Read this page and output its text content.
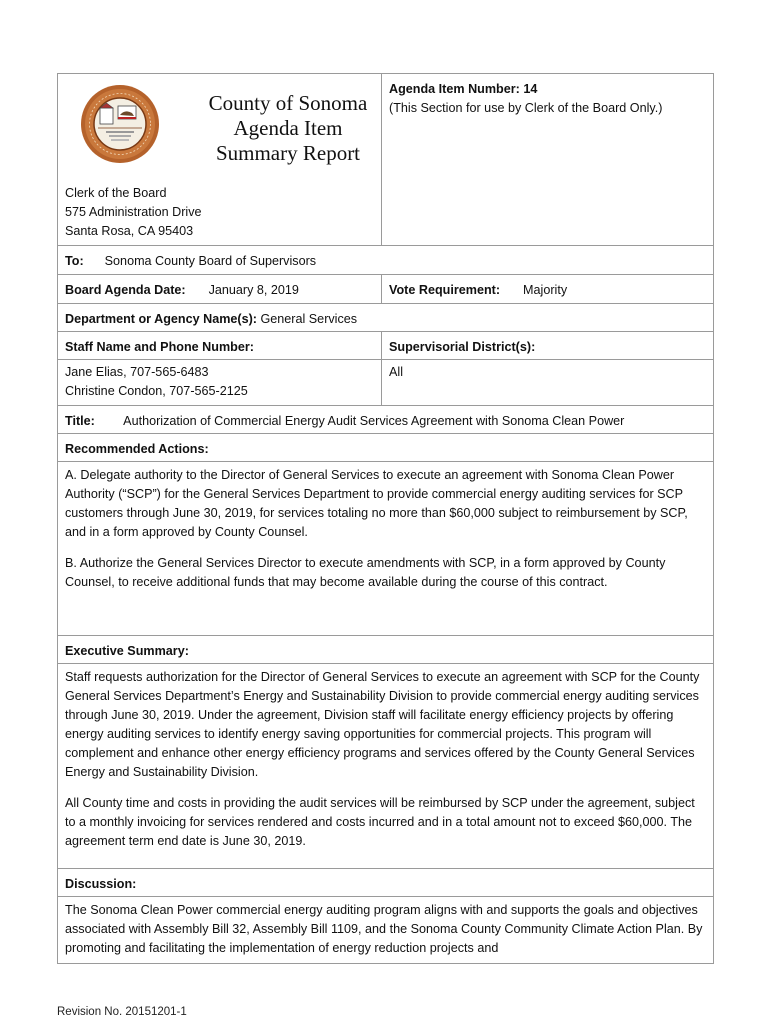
County of Sonoma
Agenda Item
Summary Report
Clerk of the Board
575 Administration Drive
Santa Rosa, CA 95403
Agenda Item Number: 14
(This Section for use by Clerk of the Board Only.)
To: Sonoma County Board of Supervisors
Board Agenda Date: January 8, 2019	Vote Requirement: Majority
Department or Agency Name(s): General Services
Staff Name and Phone Number:	Supervisorial District(s):
Jane Elias, 707-565-6483
Christine Condon, 707-565-2125
All
Title: Authorization of Commercial Energy Audit Services Agreement with Sonoma Clean Power
Recommended Actions:

A. Delegate authority to the Director of General Services to execute an agreement with Sonoma Clean Power Authority (“SCP”) for the General Services Department to provide commercial energy auditing services for SCP customers through June 30, 2019, for services totaling no more than $60,000 subject to reimbursement by SCP, and in a form approved by County Counsel.

B. Authorize the General Services Director to execute amendments with SCP, in a form approved by County Counsel, to receive additional funds that may become available during the course of this contract.

Executive Summary:

Staff requests authorization for the Director of General Services to execute an agreement with SCP for the County General Services Department’s Energy and Sustainability Division to provide commercial energy auditing services through June 30, 2019. Under the agreement, Division staff will facilitate energy efficiency projects by offering energy auditing services to identify energy saving opportunities for commercial projects. This program will complement and enhance other energy efficiency programs and services offered by the County General Services Energy and Sustainability Division.

All County time and costs in providing the audit services will be reimbursed by SCP under the agreement, subject to a monthly invoicing for services rendered and costs incurred and in a total amount not to exceed $60,000. The agreement term end date is June 30, 2019.

Discussion:

The Sonoma Clean Power commercial energy auditing program aligns with and supports the goals and objectives associated with Assembly Bill 32, Assembly Bill 1109, and the Sonoma County Community Climate Action Plan. By promoting and facilitating the implementation of energy reduction projects and

Revision No. 20151201-1
